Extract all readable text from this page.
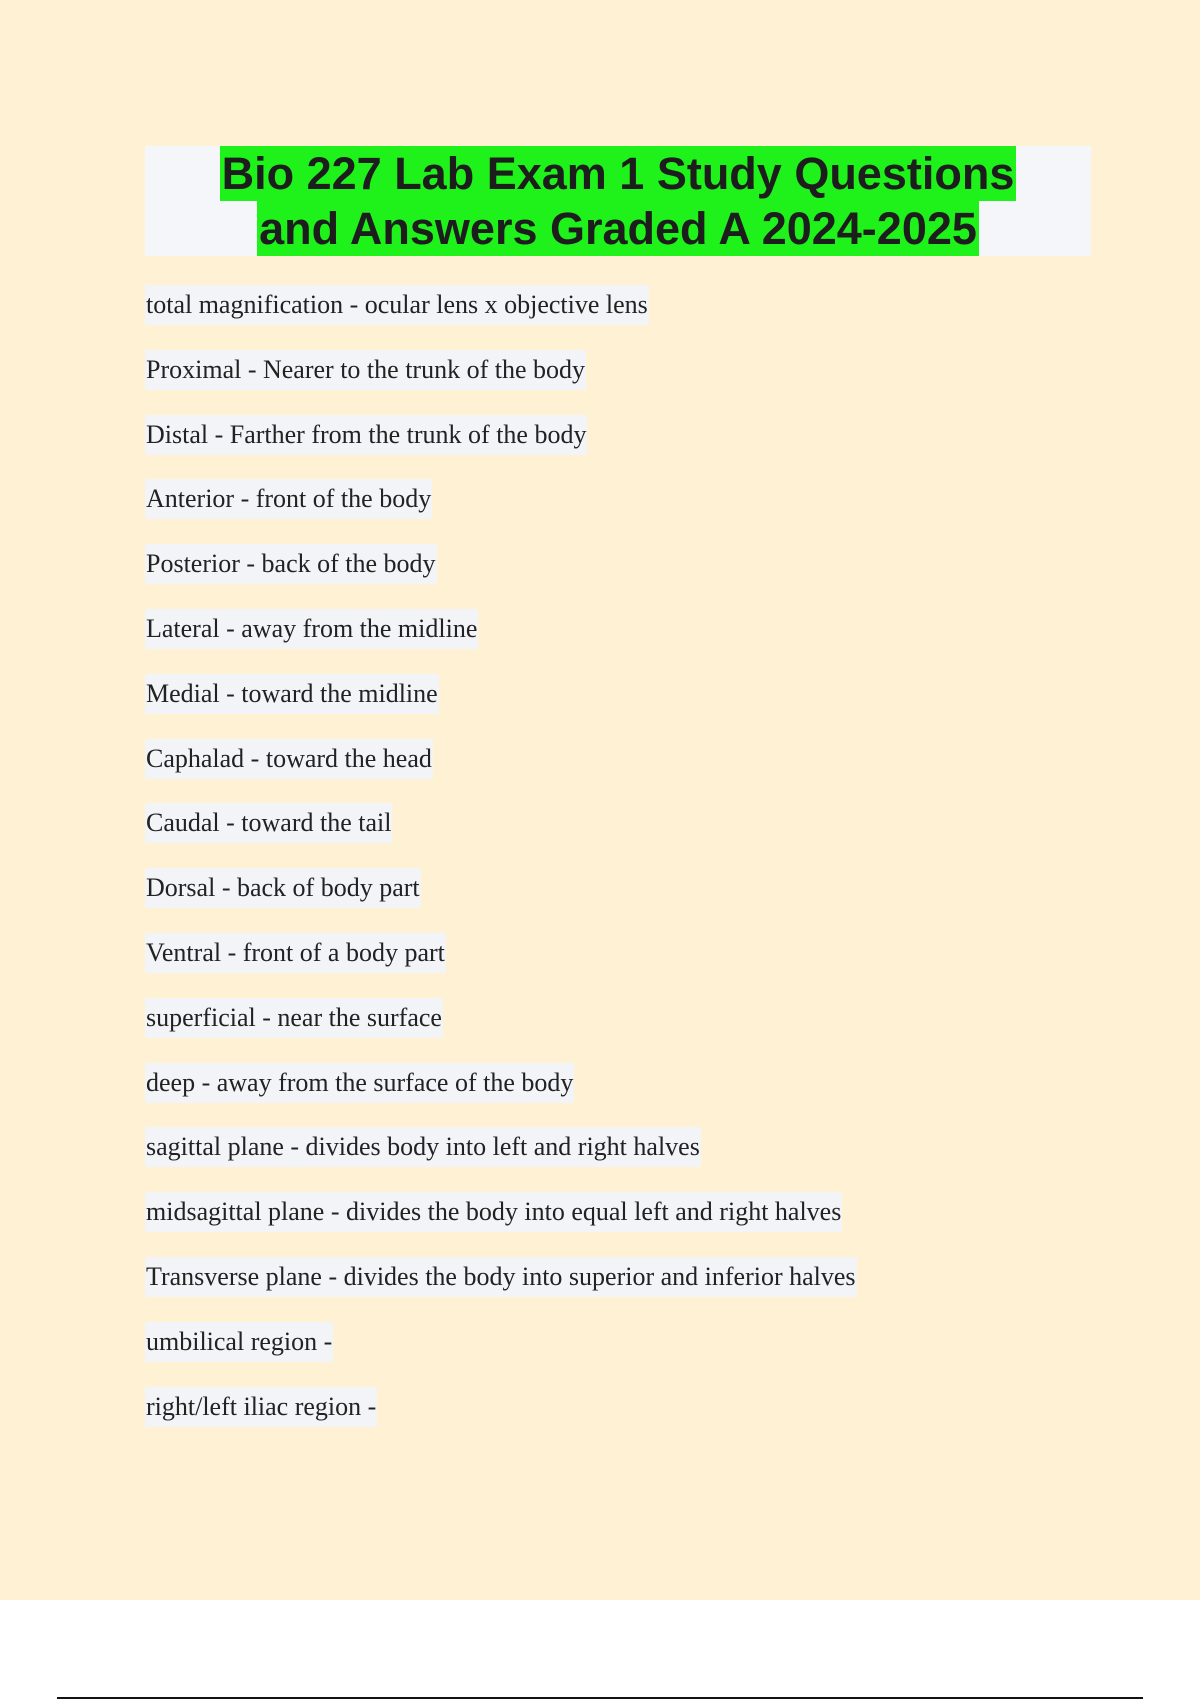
Bio 227 Lab Exam 1 Study Questions
and Answers Graded A 2024-2025
total magnification - ocular lens x objective lens
Proximal - Nearer to the trunk of the body
Distal - Farther from the trunk of the body
Anterior - front of the body
Posterior - back of the body
Lateral - away from the midline
Medial - toward the midline
Caphalad - toward the head
Caudal - toward the tail
Dorsal - back of body part
Ventral - front of a body part
superficial - near the surface
deep - away from the surface of the body
sagittal plane - divides body into left and right halves
midsagittal plane - divides the body into equal left and right halves
Transverse plane - divides the body into superior and inferior halves
umbilical region -
right/left iliac region -
